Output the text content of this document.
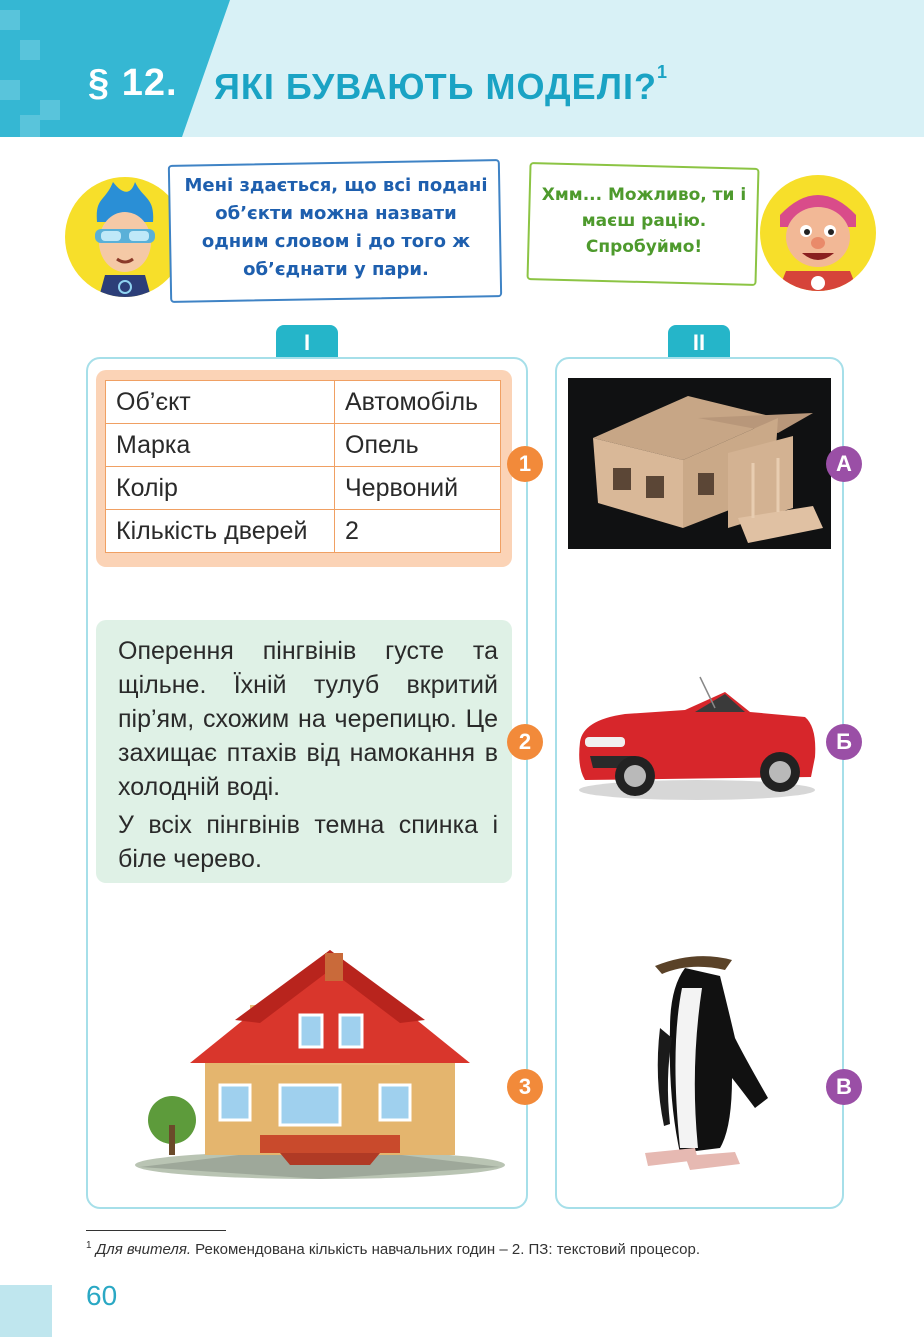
§ 12. ЯКІ БУВАЮТЬ МОДЕЛІ?$^1$
Мені здається, що всі подані об’єкти можна назвати одним словом і до того ж об’єднати у пари.
Хмм... Можливо, ти і маєш рацію. Спробуймо!
I	II
Об’єкт	Автомобіль
Марка	Опель
Колір	Червоний
Кількість дверей	2

Оперення пінгвінів густе та щільне. Їхній тулуб вкритий пір’ям, схожим на черепицю. Це захищає птахів від намокання в холодній воді.

У всіх пінгвінів темна спинка і біле черево.

1
2
3
А
Б
В
$^1$ Для вчителя. Рекомендована кількість навчальних годин – 2. ПЗ: текстовий процесор.
60
